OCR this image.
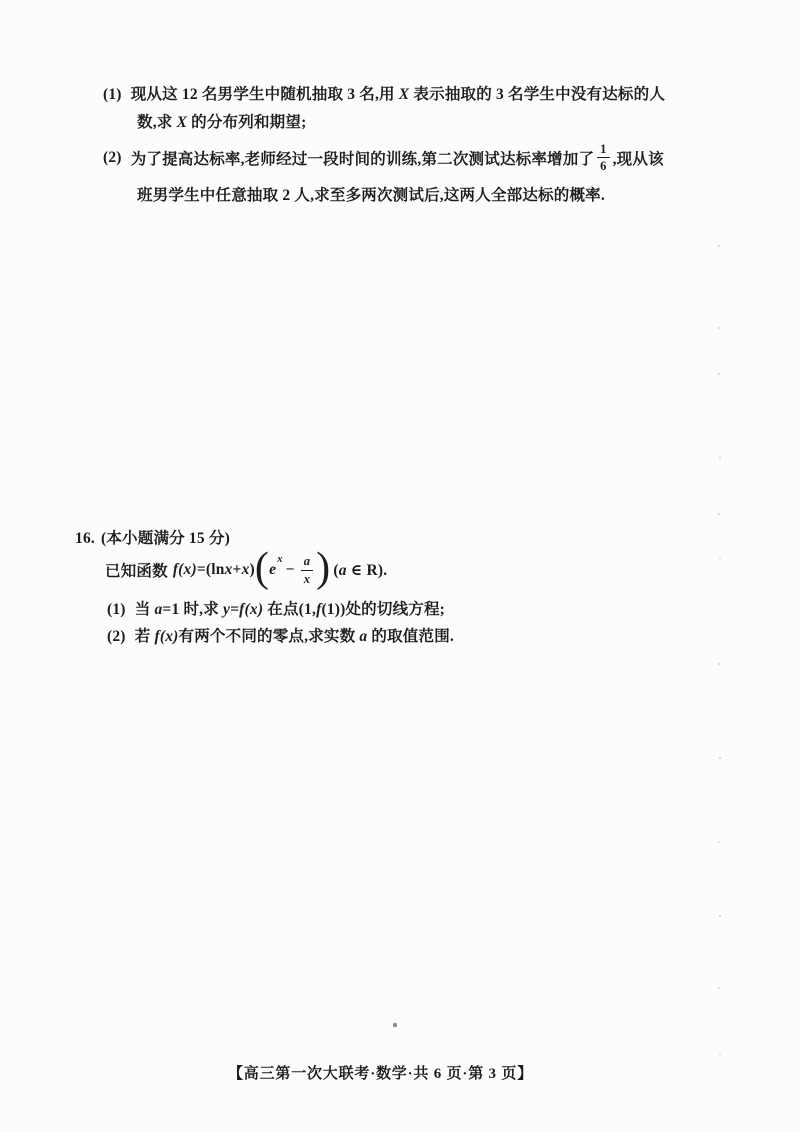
(1) 现从这 12 名男学生中随机抽取 3 名,用 X 表示抽取的 3 名学生中没有达标的人
数,求 X 的分布列和期望;
(2) 为了提高达标率,老师经过一段时间的训练,第二次测试达标率增加了 $\frac{1}{6}$ ,现从该
班男学生中任意抽取 2 人,求至多两次测试后,这两人全部达标的概率.
16. (本小题满分 15 分)
已知函数 f(x)=(lnx+x) ( $e^x$
− $\frac{a}{x}$ ) (a ∈ R).
(1) 当 a=1 时,求 y=f(x) 在点(1,f(1))处的切线方程;
(2) 若 f(x)有两个不同的零点,求实数 a 的取值范围.
【高三第一次大联考·数学·共 6 页·第 3 页】
